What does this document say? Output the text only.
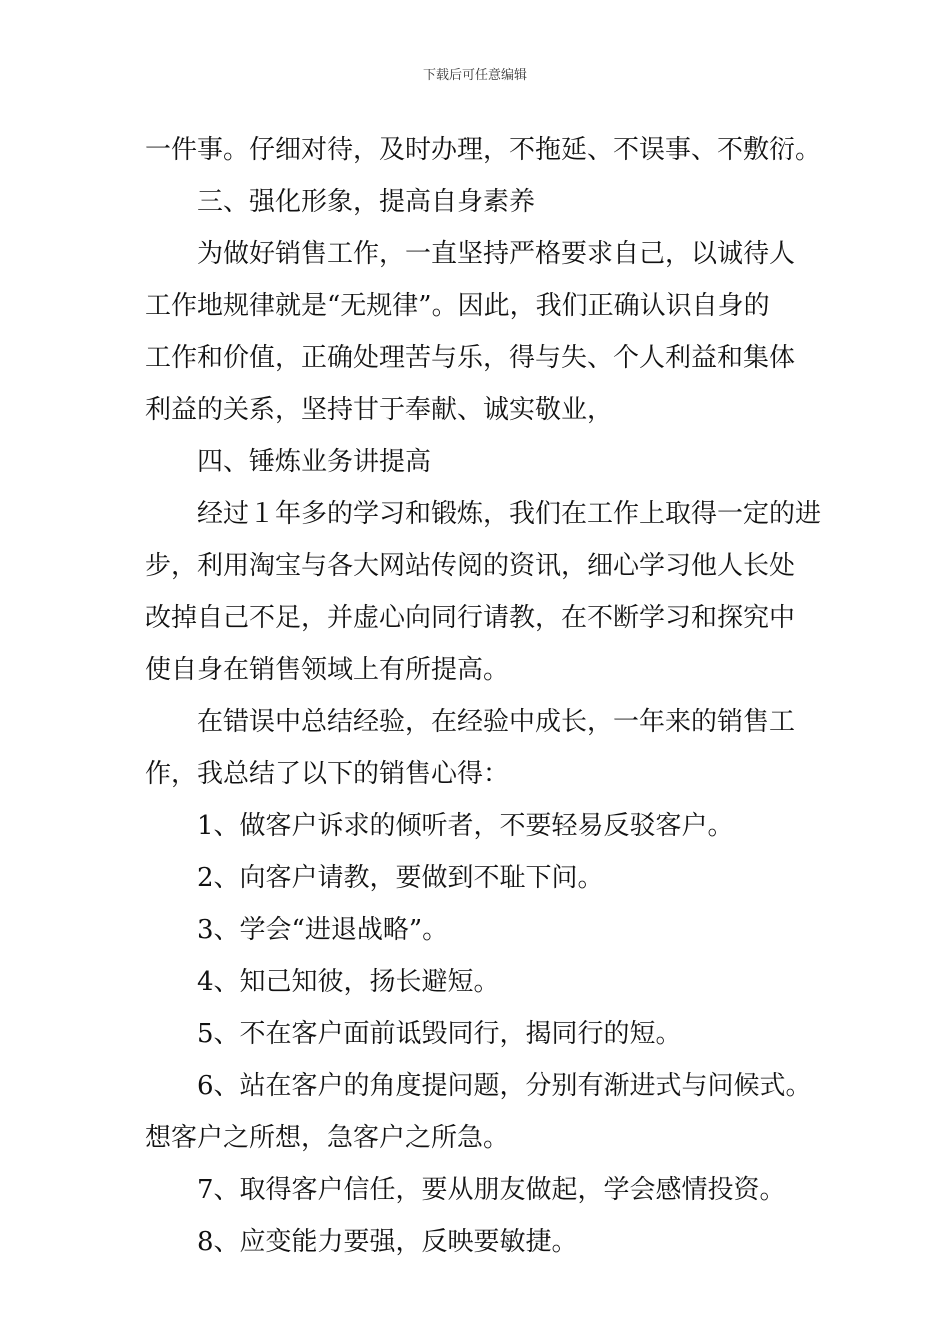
下载后可任意编辑
一件事。仔细对待，及时办理，不拖延、不误事、不敷衍。
三、强化形象，提高自身素养
为做好销售工作，一直坚持严格要求自己，以诚待人
工作地规律就是“无规律”。因此，我们正确认识自身的
工作和价值，正确处理苦与乐，得与失、个人利益和集体
利益的关系，坚持甘于奉献、诚实敬业，
四、锤炼业务讲提高
经过１年多的学习和锻炼，我们在工作上取得一定的进
步，利用淘宝与各大网站传阅的资讯，细心学习他人长处
改掉自己不足，并虚心向同行请教，在不断学习和探究中
使自身在销售领域上有所提高。
在错误中总结经验，在经验中成长，一年来的销售工
作，我总结了以下的销售心得：
1、做客户诉求的倾听者，不要轻易反驳客户。
2、向客户请教，要做到不耻下问。
3、学会“进退战略”。
4、知己知彼，扬长避短。
5、不在客户面前诋毁同行，揭同行的短。
6、站在客户的角度提问题，分别有渐进式与问候式。
想客户之所想，急客户之所急。
7、取得客户信任，要从朋友做起，学会感情投资。
8、应变能力要强，反映要敏捷。
